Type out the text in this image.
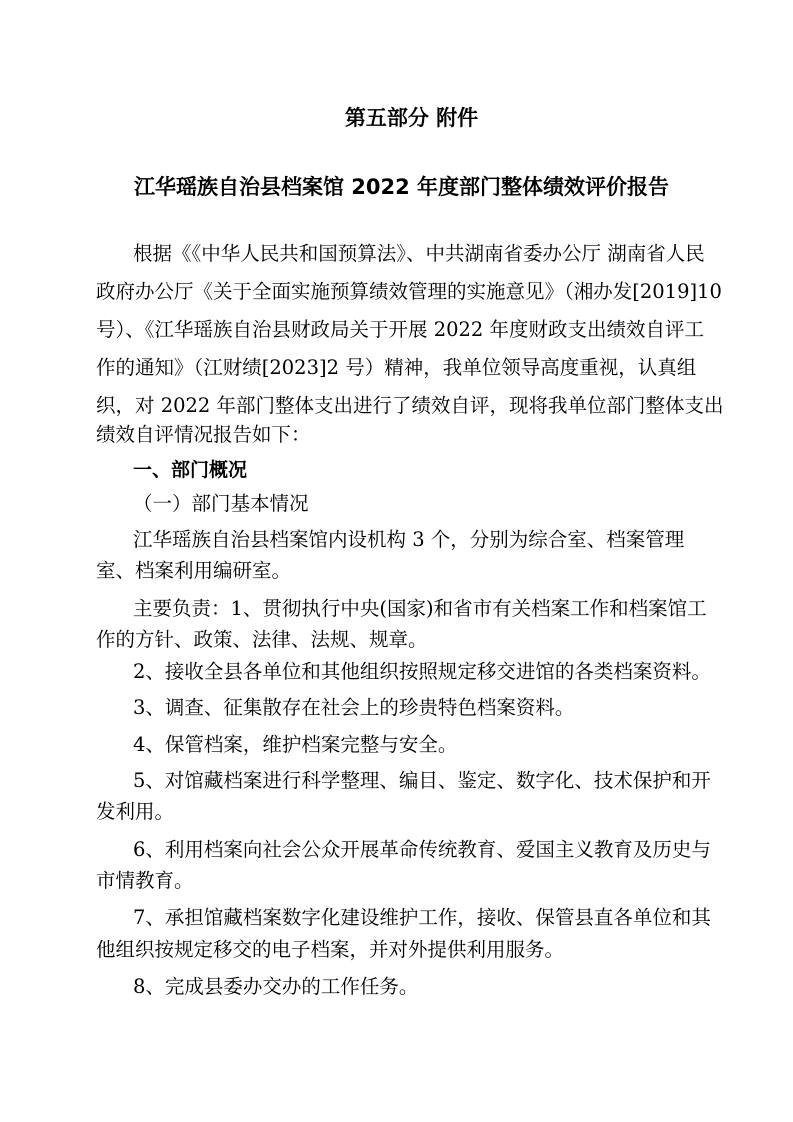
第五部分 附件
江华瑶族自治县档案馆 2022 年度部门整体绩效评价报告

根据《《中华人民共和国预算法》、中共湖南省委办公厅 湖南省人民

政府办公厅《关于全面实施预算绩效管理的实施意见》（湘办发[2019]10

号）、《江华瑶族自治县财政局关于开展 2022 年度财政支出绩效自评工

作的通知》（江财绩[2023]2 号）精神，我单位领导高度重视，认真组

织，对 2022 年部门整体支出进行了绩效自评，现将我单位部门整体支出

绩效自评情况报告如下：

一、部门概况

（一）部门基本情况

江华瑶族自治县档案馆内设机构 3 个，分别为综合室、档案管理

室、档案利用编研室。

主要负责：1、贯彻执行中央(国家)和省市有关档案工作和档案馆工

作的方针、政策、法律、法规、规章。

2、接收全县各单位和其他组织按照规定移交进馆的各类档案资料。

3、调查、征集散存在社会上的珍贵特色档案资料。

4、保管档案，维护档案完整与安全。

5、对馆藏档案进行科学整理、编目、鉴定、数字化、技术保护和开

发利用。

6、利用档案向社会公众开展革命传统教育、爱国主义教育及历史与

市情教育。

7、承担馆藏档案数字化建设维护工作，接收、保管县直各单位和其

他组织按规定移交的电子档案，并对外提供利用服务。

8、完成县委办交办的工作任务。
